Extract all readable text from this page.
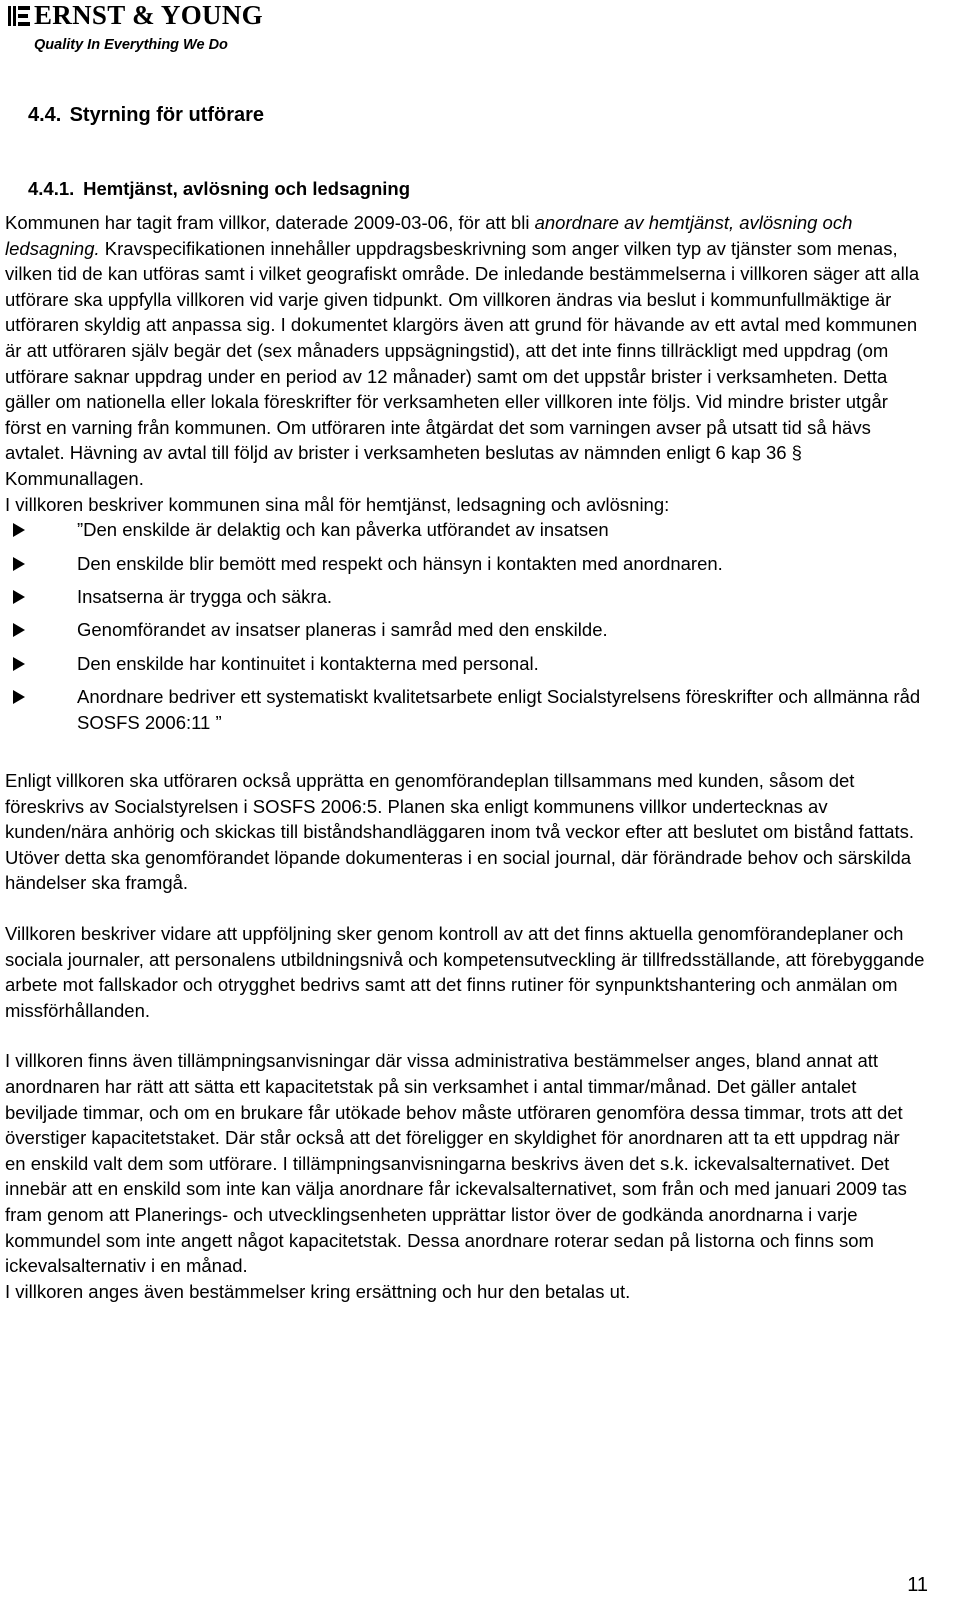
ERNST & YOUNG
Quality In Everything We Do
4.4. Styrning för utförare
4.4.1. Hemtjänst, avlösning och ledsagning

Kommunen har tagit fram villkor, daterade 2009-03-06, för att bli anordnare av hemtjänst, avlösning och ledsagning. Kravspecifikationen innehåller uppdragsbeskrivning som anger vilken typ av tjänster som menas, vilken tid de kan utföras samt i vilket geografiskt område. De inledande bestämmelserna i villkoren säger att alla utförare ska uppfylla villkoren vid varje given tidpunkt. Om villkoren ändras via beslut i kommunfullmäktige är utföraren skyldig att anpassa sig. I dokumentet klargörs även att grund för hävande av ett avtal med kommunen är att utföraren själv begär det (sex månaders uppsägningstid), att det inte finns tillräckligt med uppdrag (om utförare saknar uppdrag under en period av 12 månader) samt om det uppstår brister i verksamheten. Detta gäller om nationella eller lokala föreskrifter för verksamheten eller villkoren inte följs. Vid mindre brister utgår först en varning från kommunen. Om utföraren inte åtgärdat det som varningen avser på utsatt tid så hävs avtalet. Hävning av avtal till följd av brister i verksamheten beslutas av nämnden enligt 6 kap 36 § Kommunallagen.

I villkoren beskriver kommunen sina mål för hemtjänst, ledsagning och avlösning:

”Den enskilde är delaktig och kan påverka utförandet av insatsen
Den enskilde blir bemött med respekt och hänsyn i kontakten med anordnaren.
Insatserna är trygga och säkra.
Genomförandet av insatser planeras i samråd med den enskilde.
Den enskilde har kontinuitet i kontakterna med personal.
Anordnare bedriver ett systematiskt kvalitetsarbete enligt Socialstyrelsens föreskrifter och allmänna råd SOSFS 2006:11 ”

Enligt villkoren ska utföraren också upprätta en genomförandeplan tillsammans med kunden, såsom det föreskrivs av Socialstyrelsen i SOSFS 2006:5. Planen ska enligt kommunens villkor undertecknas av kunden/nära anhörig och skickas till biståndshandläggaren inom två veckor efter att beslutet om bistånd fattats. Utöver detta ska genomförandet löpande dokumenteras i en social journal, där förändrade behov och särskilda händelser ska framgå.

Villkoren beskriver vidare att uppföljning sker genom kontroll av att det finns aktuella genomförandeplaner och sociala journaler, att personalens utbildningsnivå och kompetensutveckling är tillfredsställande, att förebyggande arbete mot fallskador och otrygghet bedrivs samt att det finns rutiner för synpunktshantering och anmälan om missförhållanden.

I villkoren finns även tillämpningsanvisningar där vissa administrativa bestämmelser anges, bland annat att anordnaren har rätt att sätta ett kapacitetstak på sin verksamhet i antal timmar/månad. Det gäller antalet beviljade timmar, och om en brukare får utökade behov måste utföraren genomföra dessa timmar, trots att det överstiger kapacitetstaket. Där står också att det föreligger en skyldighet för anordnaren att ta ett uppdrag när en enskild valt dem som utförare. I tillämpningsanvisningarna beskrivs även det s.k. ickevalsalternativet. Det innebär att en enskild som inte kan välja anordnare får ickevalsalternativet, som från och med januari 2009 tas fram genom att Planerings- och utvecklingsenheten upprättar listor över de godkända anordnarna i varje kommundel som inte angett något kapacitetstak. Dessa anordnare roterar sedan på listorna och finns som ickevalsalternativ i en månad.

I villkoren anges även bestämmelser kring ersättning och hur den betalas ut.

11
